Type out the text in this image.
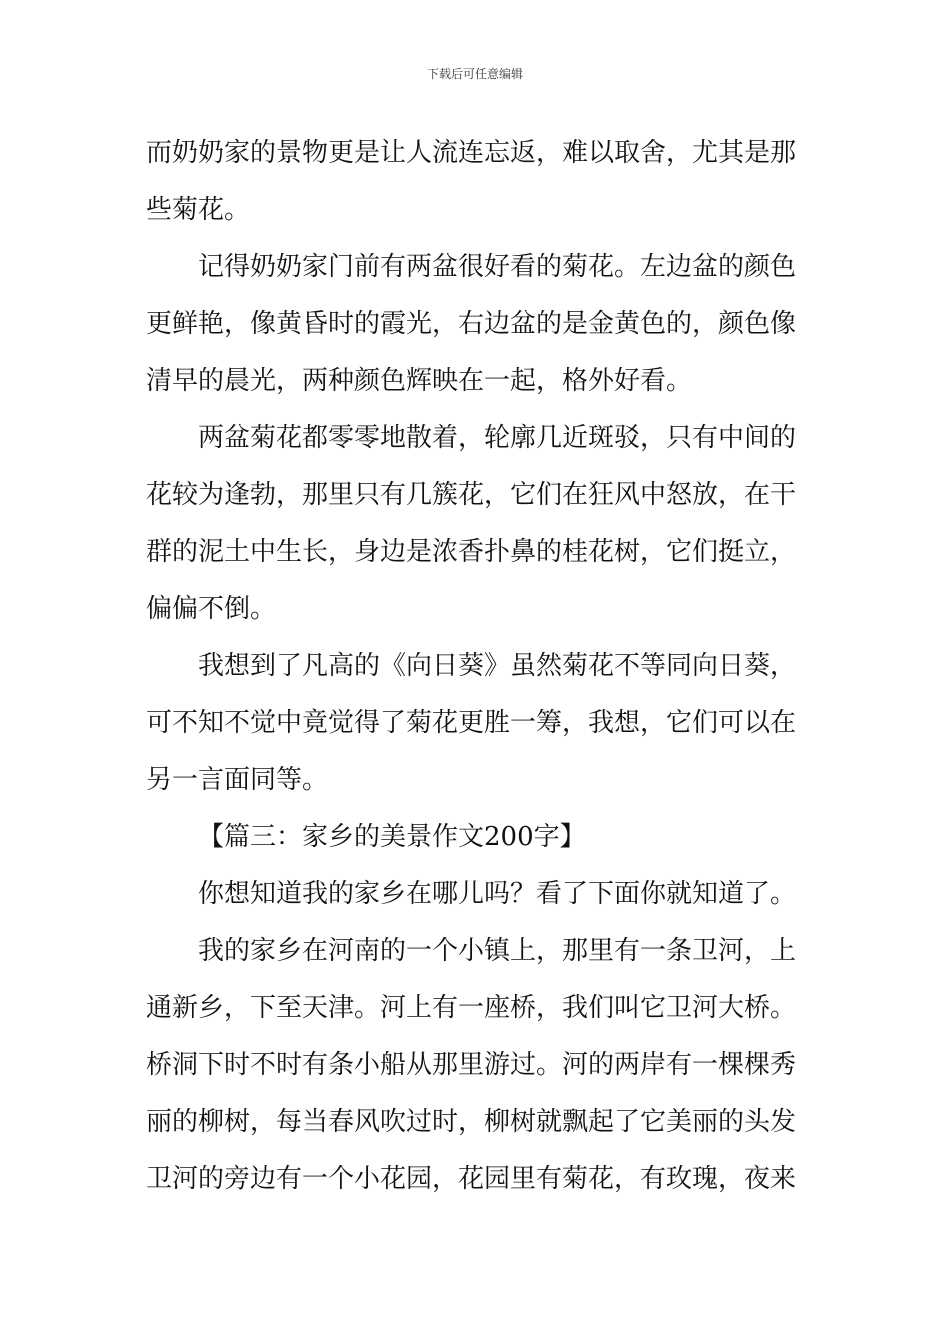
下载后可任意编辑
而奶奶家的景物更是让人流连忘返，难以取舍，尤其是那
些菊花。
记得奶奶家门前有两盆很好看的菊花。左边盆的颜色
更鲜艳，像黄昏时的霞光，右边盆的是金黄色的，颜色像
清早的晨光，两种颜色辉映在一起，格外好看。
两盆菊花都零零地散着，轮廓几近斑驳，只有中间的
花较为逢勃，那里只有几簇花，它们在狂风中怒放，在干
群的泥土中生长，身边是浓香扑鼻的桂花树，它们挺立，
偏偏不倒。
我想到了凡高的《向日葵》虽然菊花不等同向日葵，
可不知不觉中竟觉得了菊花更胜一筹，我想，它们可以在
另一言面同等。
【篇三：家乡的美景作文200字】
你想知道我的家乡在哪儿吗？看了下面你就知道了。
我的家乡在河南的一个小镇上，那里有一条卫河，上
通新乡，下至天津。河上有一座桥，我们叫它卫河大桥。
桥洞下时不时有条小船从那里游过。河的两岸有一棵棵秀
丽的柳树，每当春风吹过时，柳树就飘起了它美丽的头发
卫河的旁边有一个小花园，花园里有菊花，有玫瑰，夜来
